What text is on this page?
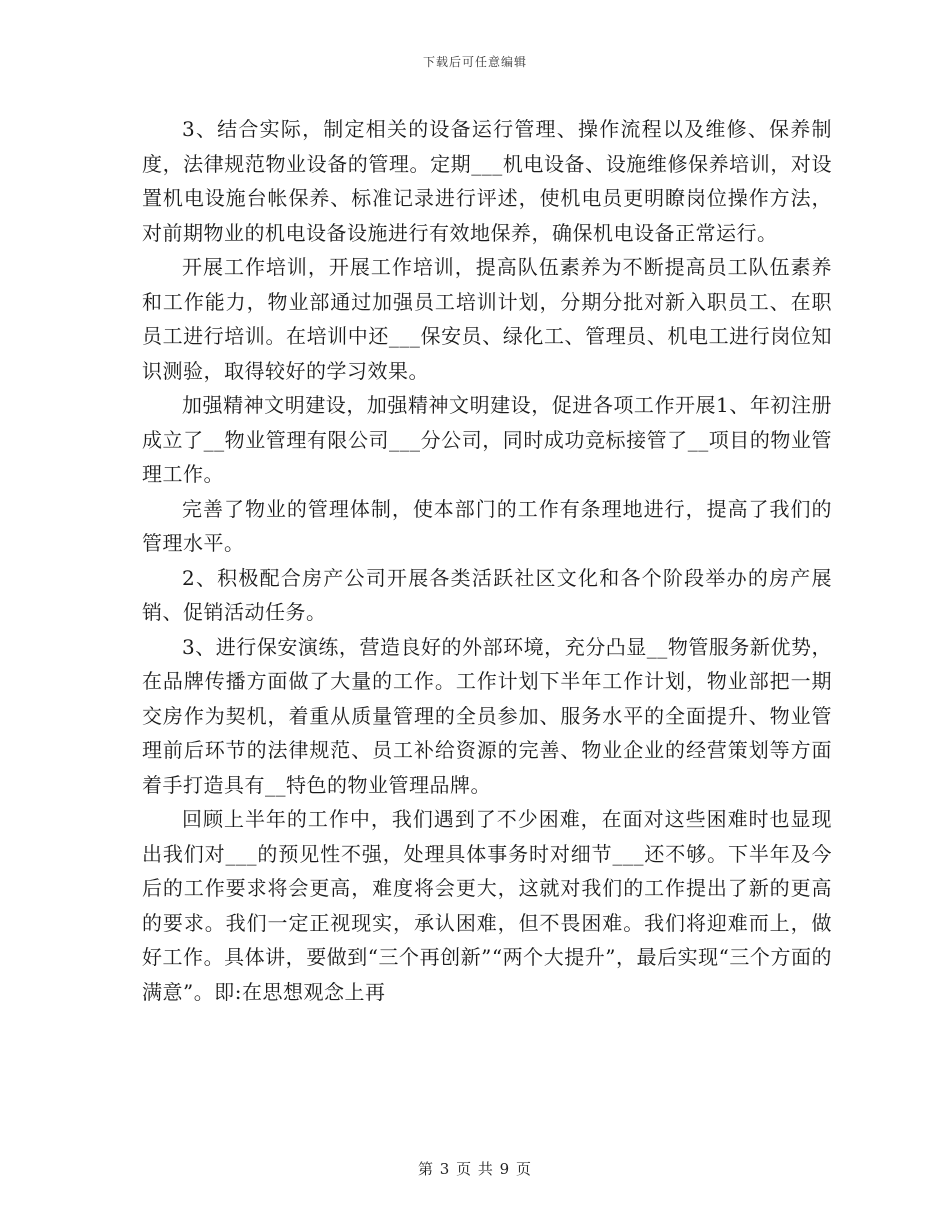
下载后可任意编辑

3、结合实际，制定相关的设备运行管理、操作流程以及维修、保养制度，法律规范物业设备的管理。定期___机电设备、设施维修保养培训，对设置机电设施台帐保养、标准记录进行评述，使机电员更明瞭岗位操作方法，对前期物业的机电设备设施进行有效地保养，确保机电设备正常运行。

开展工作培训，开展工作培训，提高队伍素养为不断提高员工队伍素养和工作能力，物业部通过加强员工培训计划，分期分批对新入职员工、在职员工进行培训。在培训中还___保安员、绿化工、管理员、机电工进行岗位知识测验，取得较好的学习效果。

加强精神文明建设，加强精神文明建设，促进各项工作开展1、年初注册成立了__物业管理有限公司___分公司，同时成功竞标接管了__项目的物业管理工作。

完善了物业的管理体制，使本部门的工作有条理地进行，提高了我们的管理水平。

2、积极配合房产公司开展各类活跃社区文化和各个阶段举办的房产展销、促销活动任务。

3、进行保安演练，营造良好的外部环境，充分凸显__物管服务新优势，在品牌传播方面做了大量的工作。工作计划下半年工作计划，物业部把一期交房作为契机，着重从质量管理的全员参加、服务水平的全面提升、物业管理前后环节的法律规范、员工补给资源的完善、物业企业的经营策划等方面着手打造具有__特色的物业管理品牌。

回顾上半年的工作中，我们遇到了不少困难，在面对这些困难时也显现出我们对___的预见性不强，处理具体事务时对细节___还不够。下半年及今后的工作要求将会更高，难度将会更大，这就对我们的工作提出了新的更高的要求。我们一定正视现实，承认困难，但不畏困难。我们将迎难而上，做好工作。具体讲，要做到“三个再创新”“两个大提升”，最后实现“三个方面的满意”。即:在思想观念上再

第 3 页 共 9 页
